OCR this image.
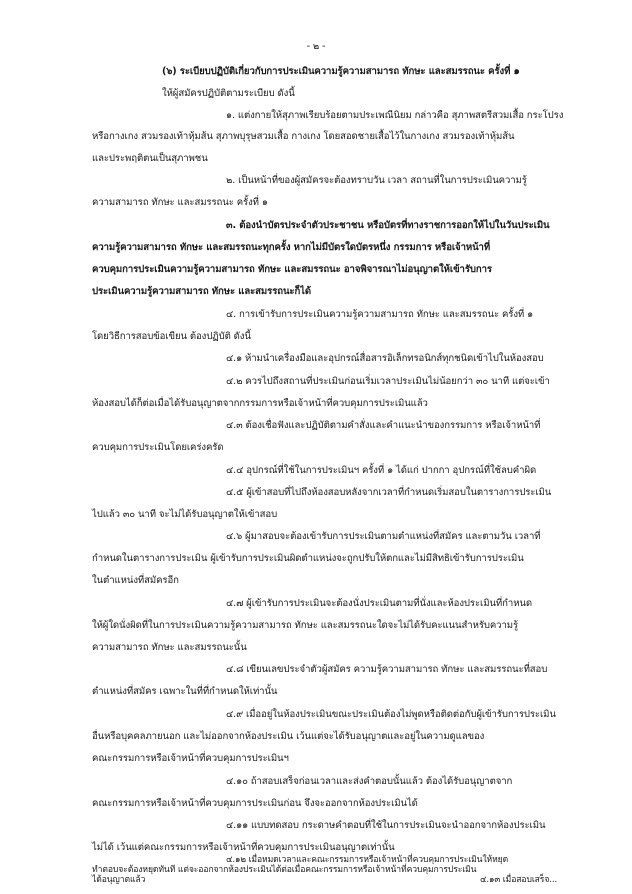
- ๒ -
(๖) ระเบียบปฏิบัติเกี่ยวกับการประเมินความรู้ความสามารถ ทักษะ และสมรรถนะ ครั้งที่ ๑
ให้ผู้สมัครปฏิบัติตามระเบียบ ดังนี้
๑. แต่งกายให้สุภาพเรียบร้อยตามประเพณีนิยม กล่าวคือ สุภาพสตรีสวมเสื้อ กระโปรง
หรือกางเกง สวมรองเท้าหุ้มส้น สุภาพบุรุษสวมเสื้อ กางเกง โดยสอดชายเสื้อไว้ในกางเกง สวมรองเท้าหุ้มส้น
และประพฤติตนเป็นสุภาพชน
๒. เป็นหน้าที่ของผู้สมัครจะต้องทราบวัน เวลา สถานที่ในการประเมินความรู้
ความสามารถ ทักษะ และสมรรถนะ ครั้งที่ ๑
๓. ต้องนำบัตรประจำตัวประชาชน หรือบัตรที่ทางราชการออกให้ไปในวันประเมิน
ความรู้ความสามารถ ทักษะ และสมรรถนะทุกครั้ง หากไม่มีบัตรใดบัตรหนึ่ง กรรมการ หรือเจ้าหน้าที่
ควบคุมการประเมินความรู้ความสามารถ ทักษะ และสมรรถนะ อาจพิจารณาไม่อนุญาตให้เข้ารับการ
ประเมินความรู้ความสามารถ ทักษะ และสมรรถนะก็ได้
๔. การเข้ารับการประเมินความรู้ความสามารถ ทักษะ และสมรรถนะ ครั้งที่ ๑
โดยวิธีการสอบข้อเขียน ต้องปฏิบัติ ดังนี้
๔.๑ ห้ามนำเครื่องมือและอุปกรณ์สื่อสารอิเล็กทรอนิกส์ทุกชนิดเข้าไปในห้องสอบ
๔.๒ ควรไปถึงสถานที่ประเมินก่อนเริ่มเวลาประเมินไม่น้อยกว่า ๓๐ นาที แต่จะเข้า
ห้องสอบได้ก็ต่อเมื่อได้รับอนุญาตจากกรรมการหรือเจ้าหน้าที่ควบคุมการประเมินแล้ว
๔.๓ ต้องเชื่อฟังและปฏิบัติตามคำสั่งและคำแนะนำของกรรมการ หรือเจ้าหน้าที่
ควบคุมการประเมินโดยเคร่งครัด
๔.๔ อุปกรณ์ที่ใช้ในการประเมินฯ ครั้งที่ ๑ ได้แก่ ปากกา อุปกรณ์ที่ใช้ลบคำผิด
๔.๕ ผู้เข้าสอบที่ไปถึงห้องสอบหลังจากเวลาที่กำหนดเริ่มสอบในตารางการประเมิน
ไปแล้ว ๓๐ นาที จะไม่ได้รับอนุญาตให้เข้าสอบ
๔.๖ ผู้มาสอบจะต้องเข้ารับการประเมินตามตำแหน่งที่สมัคร และตามวัน เวลาที่
กำหนดในตารางการประเมิน ผู้เข้ารับการประเมินผิดตำแหน่งจะถูกปรับให้ตกและไม่มีสิทธิเข้ารับการประเมิน
ในตำแหน่งที่สมัครอีก
๔.๗ ผู้เข้ารับการประเมินจะต้องนั่งประเมินตามที่นั่งและห้องประเมินที่กำหนด
ให้ผู้ใดนั่งผิดที่ในการประเมินความรู้ความสามารถ ทักษะ และสมรรถนะใดจะไม่ได้รับคะแนนสำหรับความรู้
ความสามารถ ทักษะ และสมรรถนะนั้น
๔.๘ เขียนเลขประจำตัวผู้สมัคร ความรู้ความสามารถ ทักษะ และสมรรถนะที่สอบ
ตำแหน่งที่สมัคร เฉพาะในที่ที่กำหนดให้เท่านั้น
๔.๙ เมื่ออยู่ในห้องประเมินขณะประเมินต้องไม่พูดหรือติดต่อกับผู้เข้ารับการประเมิน
อื่นหรือบุคคลภายนอก และไม่ออกจากห้องประเมิน เว้นแต่จะได้รับอนุญาตและอยู่ในความดูแลของ
คณะกรรมการหรือเจ้าหน้าที่ควบคุมการประเมินฯ
๔.๑๐ ถ้าสอบเสร็จก่อนเวลาและส่งคำตอบนั้นแล้ว ต้องได้รับอนุญาตจาก
คณะกรรมการหรือเจ้าหน้าที่ควบคุมการประเมินก่อน จึงจะออกจากห้องประเมินได้
๔.๑๑ แบบทดสอบ กระดาษคำตอบที่ใช้ในการประเมินจะนำออกจากห้องประเมิน
ไม่ได้ เว้นแต่คณะกรรมการหรือเจ้าหน้าที่ควบคุมการประเมินอนุญาตเท่านั้น
๔.๑๒ เมื่อหมดเวลาและคณะกรรมการหรือเจ้าหน้าที่ควบคุมการประเมินให้หยุด
ทำตอบจะต้องหยุดทันที แต่จะออกจากห้องประเมินได้ต่อเมื่อคณะกรรมการหรือเจ้าหน้าที่ควบคุมการประเมิน
ได้อนุญาตแล้ว	๔.๑๓ เมื่อสอบเสร็จ...
